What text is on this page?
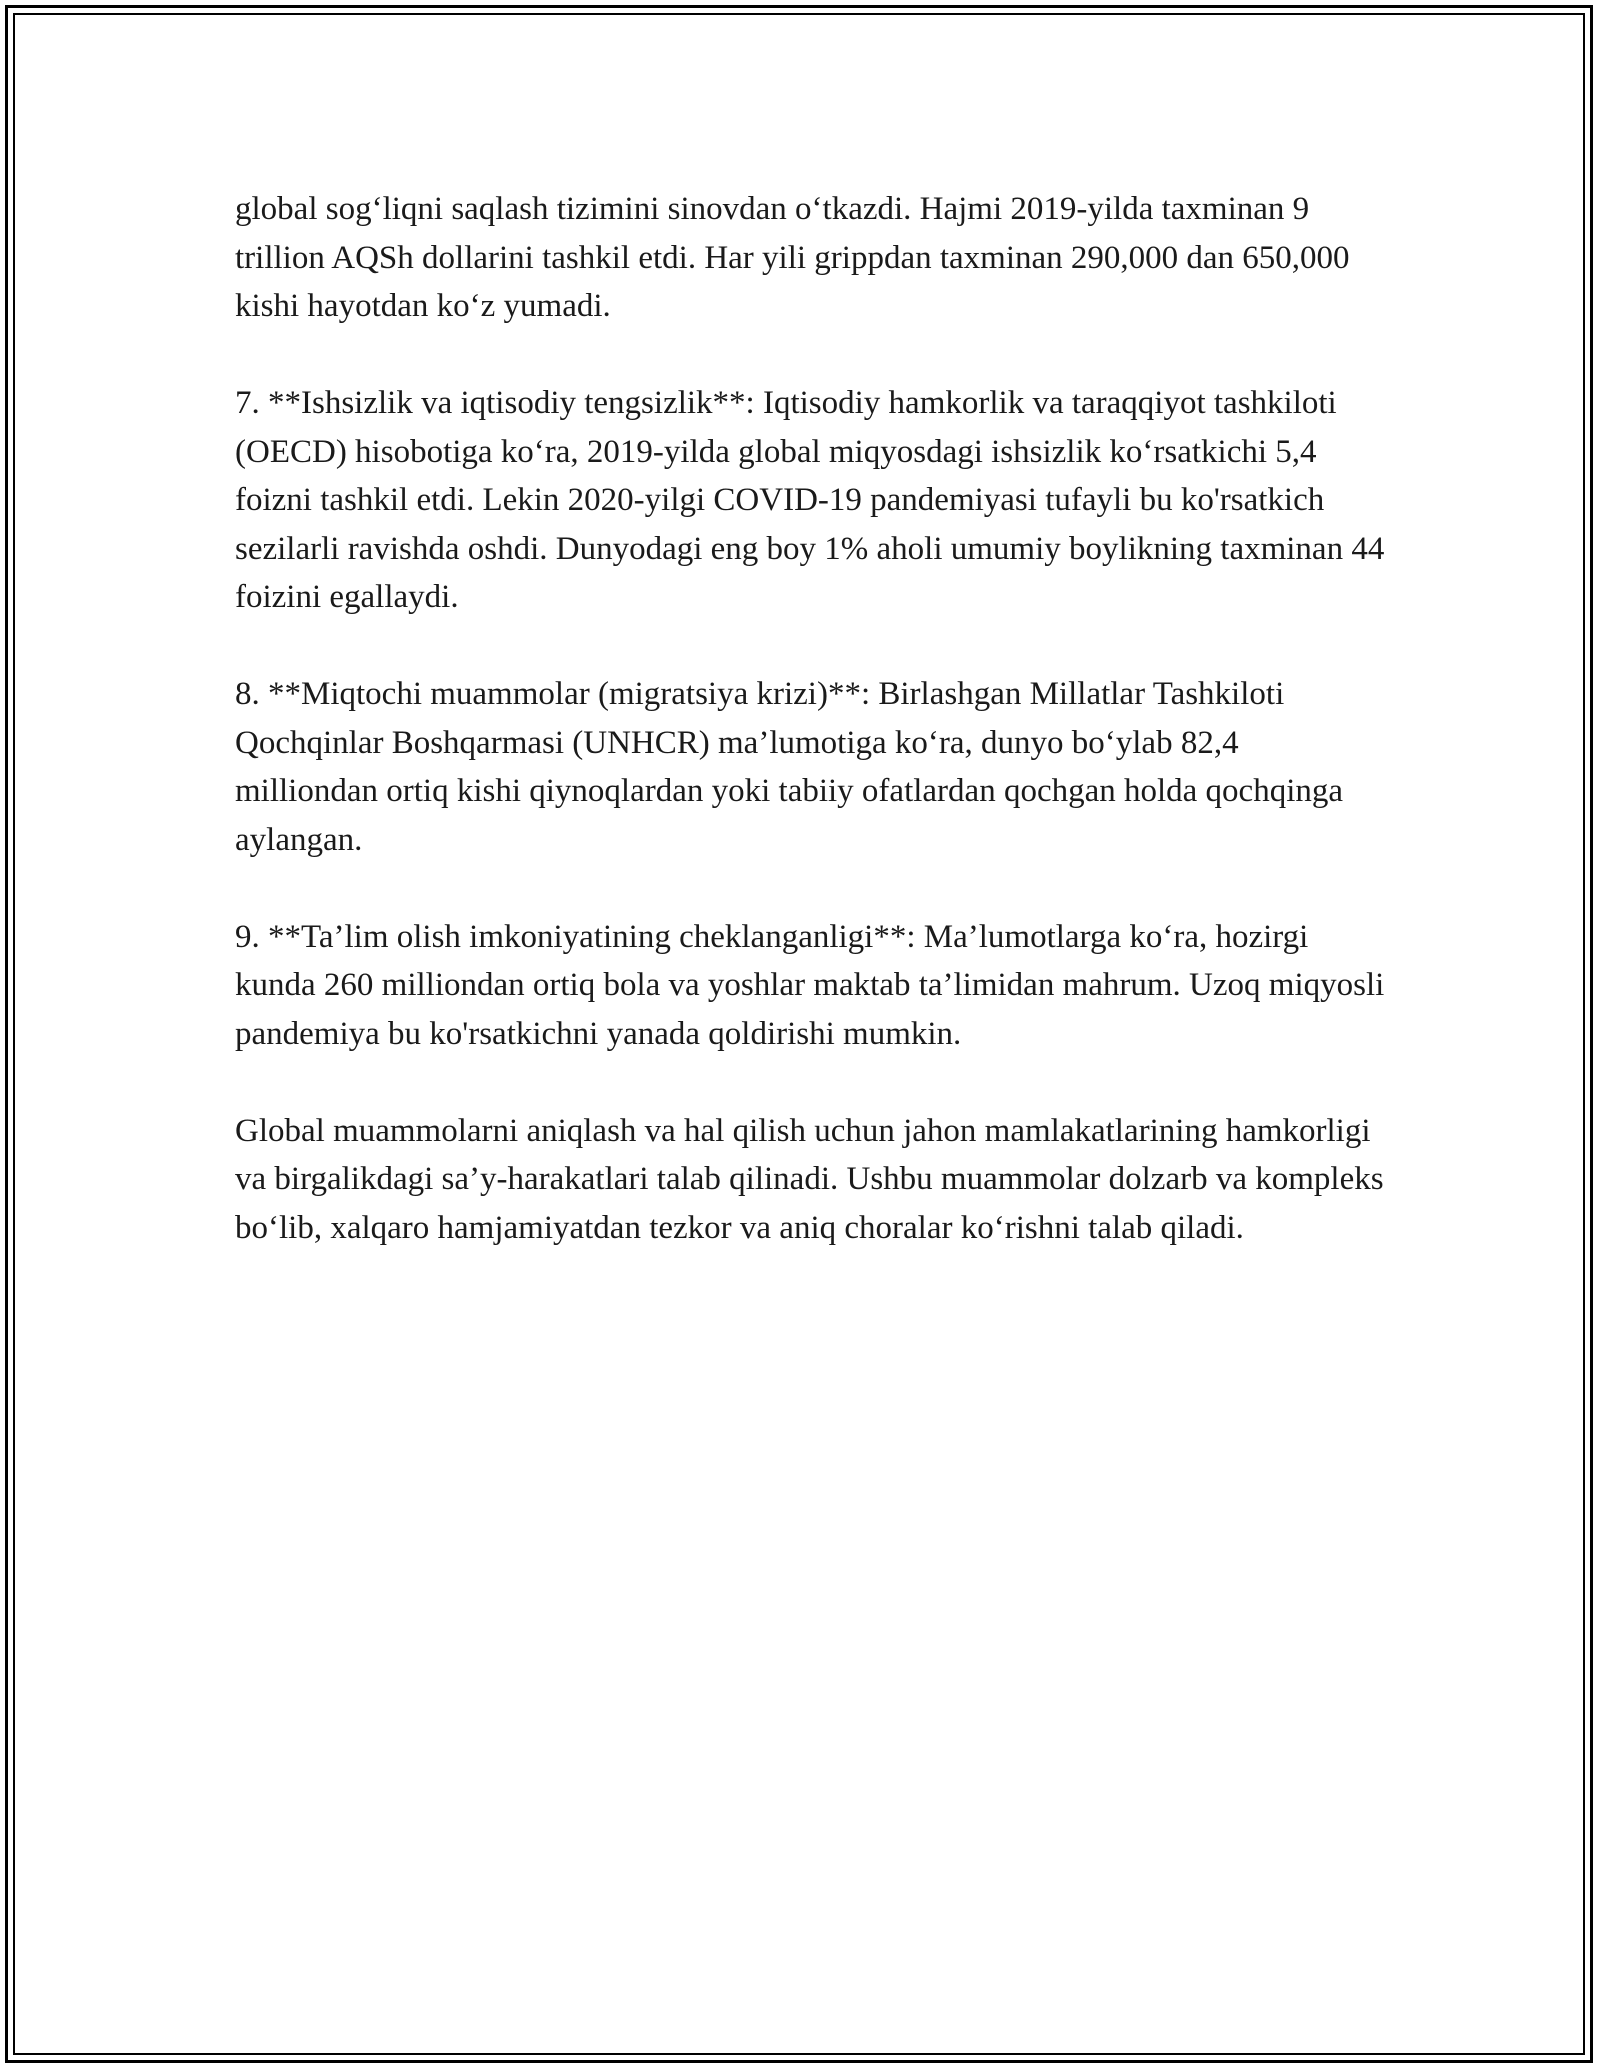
global sog‘liqni saqlash tizimini sinovdan o‘tkazdi. Hajmi 2019-yilda taxminan 9 trillion AQSh dollarini tashkil etdi. Har yili grippdan taxminan 290,000 dan 650,000 kishi hayotdan ko‘z yumadi.

7. **Ishsizlik va iqtisodiy tengsizlik**: Iqtisodiy hamkorlik va taraqqiyot tashkiloti (OECD) hisobotiga ko‘ra, 2019-yilda global miqyosdagi ishsizlik ko‘rsatkichi 5,4 foizni tashkil etdi. Lekin 2020-yilgi COVID-19 pandemiyasi tufayli bu ko'rsatkich sezilarli ravishda oshdi. Dunyodagi eng boy 1% aholi umumiy boylikning taxminan 44 foizini egallaydi.

8. **Miqtochi muammolar (migratsiya krizi)**: Birlashgan Millatlar Tashkiloti Qochqinlar Boshqarmasi (UNHCR) ma’lumotiga ko‘ra, dunyo bo‘ylab 82,4 milliondan ortiq kishi qiynoqlardan yoki tabiiy ofatlardan qochgan holda qochqinga aylangan.

9. **Ta’lim olish imkoniyatining cheklanganligi**: Ma’lumotlarga ko‘ra, hozirgi kunda 260 milliondan ortiq bola va yoshlar maktab ta’limidan mahrum. Uzoq miqyosli pandemiya bu ko'rsatkichni yanada qoldirishi mumkin.

Global muammolarni aniqlash va hal qilish uchun jahon mamlakatlarining hamkorligi va birgalikdagi sa’y-harakatlari talab qilinadi. Ushbu muammolar dolzarb va kompleks bo‘lib, xalqaro hamjamiyatdan tezkor va aniq choralar ko‘rishni talab qiladi.
